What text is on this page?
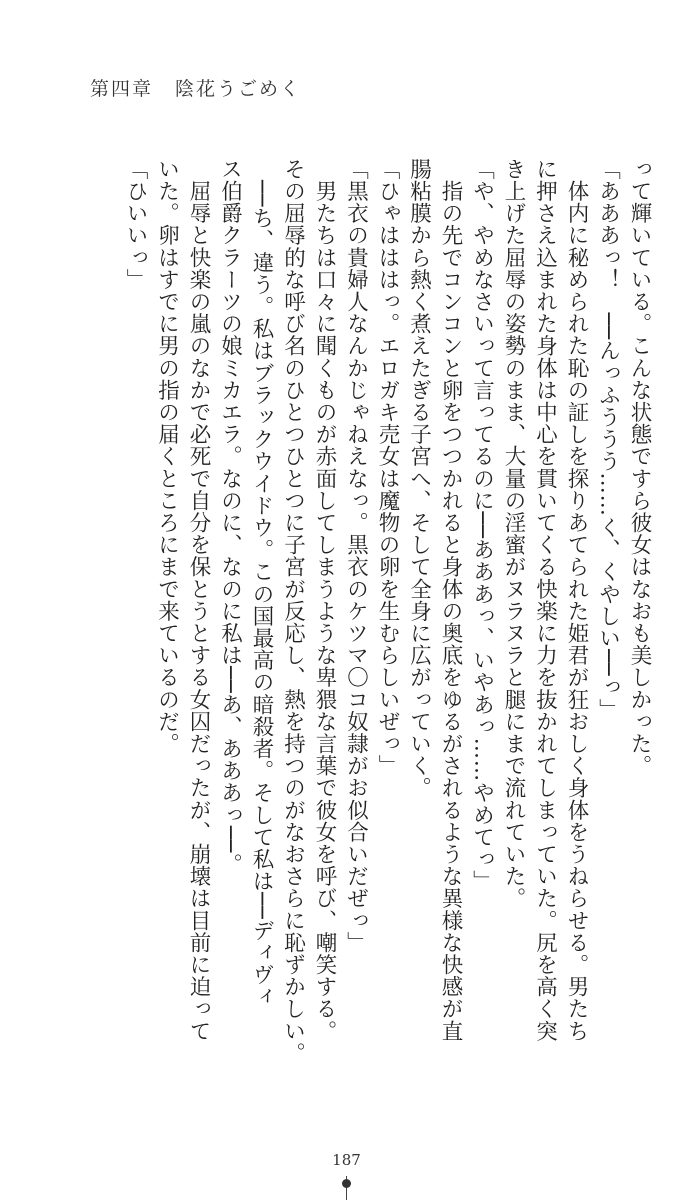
第四章 陰花うごめく
って輝いている。こんな状態ですら彼女はなおも美しかった。
「あああっ！　──んっふううう……く、くやしい──っ」
　体内に秘められた恥の証しを探りあてられた姫君が狂おしく身体をうねらせる。男たち
に押さえ込まれた身体は中心を貫いてくる快楽に力を抜かれてしまっていた。尻を高く突
き上げた屈辱の姿勢のまま、大量の淫蜜がヌラヌラと腿にまで流れていた。
「や、やめなさいって言ってるのに──あああっ、いやあっ……やめてっ」
　指の先でコンコンと卵をつつかれると身体の奥底をゆるがされるような異様な快感が直
腸粘膜から熱く煮えたぎる子宮へ、そして全身に広がっていく。
「ひゃはははっ。エロガキ売女は魔物の卵を生むらしいぜっ」
「黒衣の貴婦人なんかじゃねえなっ。黒衣のケツマ〇コ奴隷がお似合いだぜっ」
　男たちは口々に聞くものが赤面してしまうような卑猥な言葉で彼女を呼び、嘲笑する。
その屈辱的な呼び名のひとつひとつに子宮が反応し、熱を持つのがなおさらに恥ずかしい。
　──ち、違う。私はブラックウイドウ。この国最高の暗殺者。そして私は──ディヴィ
ス伯爵クラーツの娘ミカエラ。なのに、なのに私は──あ、あああっ──。
　屈辱と快楽の嵐のなかで必死で自分を保とうとする女囚だったが、崩壊は目前に迫って
いた。卵はすでに男の指の届くところにまで来ているのだ。
「ひいいっ」
187
